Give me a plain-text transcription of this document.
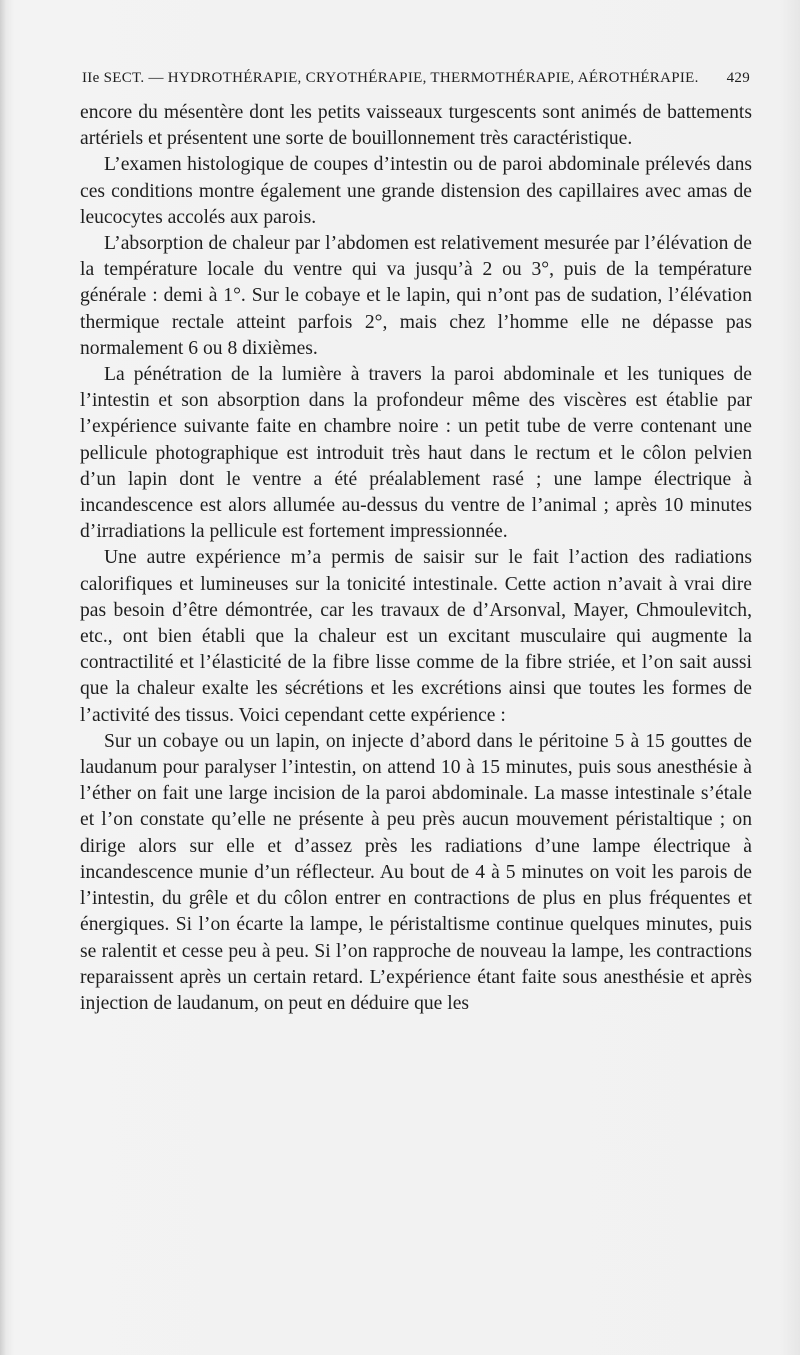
IIe SECT. — HYDROTHÉRAPIE, CRYOTHÉRAPIE, THERMOTHÉRAPIE, AÉROTHÉRAPIE. 429

encore du mésentère dont les petits vaisseaux turgescents sont animés de battements artériels et présentent une sorte de bouillonnement très caractéristique.

L’examen histologique de coupes d’intestin ou de paroi abdominale prélevés dans ces conditions montre également une grande distension des capillaires avec amas de leucocytes accolés aux parois.

L’absorption de chaleur par l’abdomen est relativement mesurée par l’élévation de la température locale du ventre qui va jusqu’à 2 ou 3°, puis de la température générale : demi à 1°. Sur le cobaye et le lapin, qui n’ont pas de sudation, l’élévation thermique rectale atteint parfois 2°, mais chez l’homme elle ne dépasse pas normalement 6 ou 8 dixièmes.

La pénétration de la lumière à travers la paroi abdominale et les tuniques de l’intestin et son absorption dans la profondeur même des viscères est établie par l’expérience suivante faite en chambre noire : un petit tube de verre contenant une pellicule photographique est introduit très haut dans le rectum et le côlon pelvien d’un lapin dont le ventre a été préalablement rasé ; une lampe électrique à incandescence est alors allumée au-dessus du ventre de l’animal ; après 10 minutes d’irradiations la pellicule est fortement impressionnée.

Une autre expérience m’a permis de saisir sur le fait l’action des radiations calorifiques et lumineuses sur la tonicité intestinale. Cette action n’avait à vrai dire pas besoin d’être démontrée, car les travaux de d’Arsonval, Mayer, Chmoulevitch, etc., ont bien établi que la chaleur est un excitant musculaire qui augmente la contractilité et l’élasticité de la fibre lisse comme de la fibre striée, et l’on sait aussi que la chaleur exalte les sécrétions et les excrétions ainsi que toutes les formes de l’activité des tissus. Voici cependant cette expérience :

Sur un cobaye ou un lapin, on injecte d’abord dans le péritoine 5 à 15 gouttes de laudanum pour paralyser l’intestin, on attend 10 à 15 minutes, puis sous anesthésie à l’éther on fait une large incision de la paroi abdominale. La masse intestinale s’étale et l’on constate qu’elle ne présente à peu près aucun mouvement péristaltique ; on dirige alors sur elle et d’assez près les radiations d’une lampe électrique à incandescence munie d’un réflecteur. Au bout de 4 à 5 minutes on voit les parois de l’intestin, du grêle et du côlon entrer en contractions de plus en plus fréquentes et énergiques. Si l’on écarte la lampe, le péristaltisme continue quelques minutes, puis se ralentit et cesse peu à peu. Si l’on rapproche de nouveau la lampe, les contractions reparaissent après un certain retard. L’expérience étant faite sous anesthésie et après injection de laudanum, on peut en déduire que les
